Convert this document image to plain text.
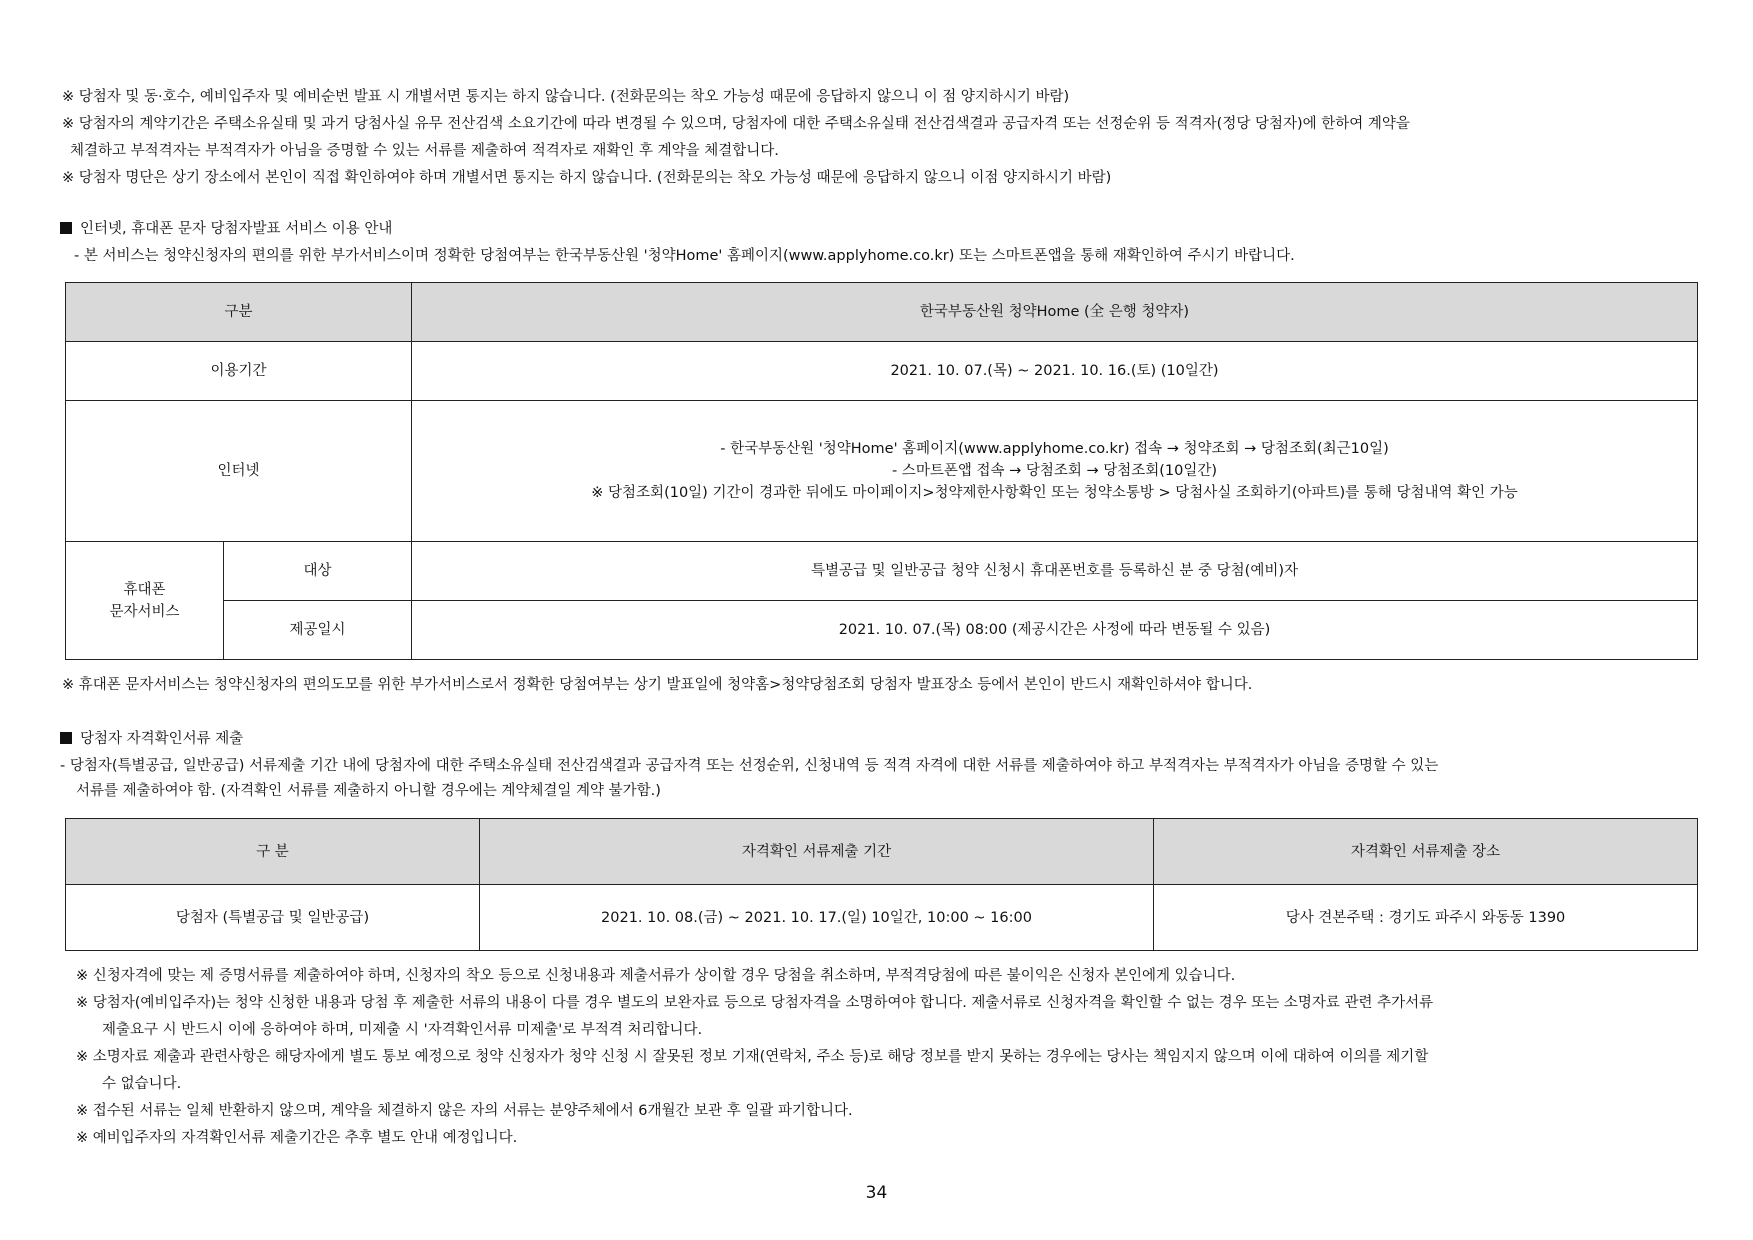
※ 당첨자 및 동·호수, 예비입주자 및 예비순번 발표 시 개별서면 통지는 하지 않습니다. (전화문의는 착오 가능성 때문에 응답하지 않으니 이 점 양지하시기 바람)
※ 당첨자의 계약기간은 주택소유실태 및 과거 당첨사실 유무 전산검색 소요기간에 따라 변경될 수 있으며, 당첨자에 대한 주택소유실태 전산검색결과 공급자격 또는 선정순위 등 적격자(정당 당첨자)에 한하여 계약을
체결하고 부적격자는 부적격자가 아님을 증명할 수 있는 서류를 제출하여 적격자로 재확인 후 계약을 체결합니다.
※ 당첨자 명단은 상기 장소에서 본인이 직접 확인하여야 하며 개별서면 통지는 하지 않습니다. (전화문의는 착오 가능성 때문에 응답하지 않으니 이점 양지하시기 바람)
인터넷, 휴대폰 문자 당첨자발표 서비스 이용 안내
- 본 서비스는 청약신청자의 편의를 위한 부가서비스이며 정확한 당첨여부는 한국부동산원 '청약Home' 홈페이지(www.applyhome.co.kr) 또는 스마트폰앱을 통해 재확인하여 주시기 바랍니다.
구분		한국부동산원 청약Home (全 은행 청약자)
이용기간		2021. 10. 07.(목) ~ 2021. 10. 16.(토) (10일간)
인터넷		- 한국부동산원 '청약Home' 홈페이지(www.applyhome.co.kr) 접속 → 청약조회 → 당첨조회(최근10일)
- 스마트폰앱 접속 → 당첨조회 → 당첨조회(10일간)
※ 당첨조회(10일) 기간이 경과한 뒤에도 마이페이지>청약제한사항확인 또는 청약소통방 > 당첨사실 조회하기(아파트)를 통해 당첨내역 확인 가능

휴대폰
문자서비스	대상	특별공급 및 일반공급 청약 신청시 휴대폰번호를 등록하신 분 중 당첨(예비)자
	제공일시	2021. 10. 07.(목) 08:00 (제공시간은 사정에 따라 변동될 수 있음)
※ 휴대폰 문자서비스는 청약신청자의 편의도모를 위한 부가서비스로서 정확한 당첨여부는 상기 발표일에 청약홈>청약당첨조회 당첨자 발표장소 등에서 본인이 반드시 재확인하셔야 합니다.
당첨자 자격확인서류 제출
- 당첨자(특별공급, 일반공급) 서류제출 기간 내에 당첨자에 대한 주택소유실태 전산검색결과 공급자격 또는 선정순위, 신청내역 등 적격 자격에 대한 서류를 제출하여야 하고 부적격자는 부적격자가 아님을 증명할 수 있는
서류를 제출하여야 함. (자격확인 서류를 제출하지 아니할 경우에는 계약체결일 계약 불가함.)
구 분	자격확인 서류제출 기간	자격확인 서류제출 장소
당첨자 (특별공급 및 일반공급)	2021. 10. 08.(금) ~ 2021. 10. 17.(일) 10일간, 10:00 ~ 16:00	당사 견본주택 : 경기도 파주시 와동동 1390
※ 신청자격에 맞는 제 증명서류를 제출하여야 하며, 신청자의 착오 등으로 신청내용과 제출서류가 상이할 경우 당첨을 취소하며, 부적격당첨에 따른 불이익은 신청자 본인에게 있습니다.
※ 당첨자(예비입주자)는 청약 신청한 내용과 당첨 후 제출한 서류의 내용이 다를 경우 별도의 보완자료 등으로 당첨자격을 소명하여야 합니다. 제출서류로 신청자격을 확인할 수 없는 경우 또는 소명자료 관련 추가서류
제출요구 시 반드시 이에 응하여야 하며, 미제출 시 '자격확인서류 미제출'로 부적격 처리합니다.
※ 소명자료 제출과 관련사항은 해당자에게 별도 통보 예정으로 청약 신청자가 청약 신청 시 잘못된 정보 기재(연락처, 주소 등)로 해당 정보를 받지 못하는 경우에는 당사는 책임지지 않으며 이에 대하여 이의를 제기할
수 없습니다.
※ 접수된 서류는 일체 반환하지 않으며, 계약을 체결하지 않은 자의 서류는 분양주체에서 6개월간 보관 후 일괄 파기합니다.
※ 예비입주자의 자격확인서류 제출기간은 추후 별도 안내 예정입니다.
34
